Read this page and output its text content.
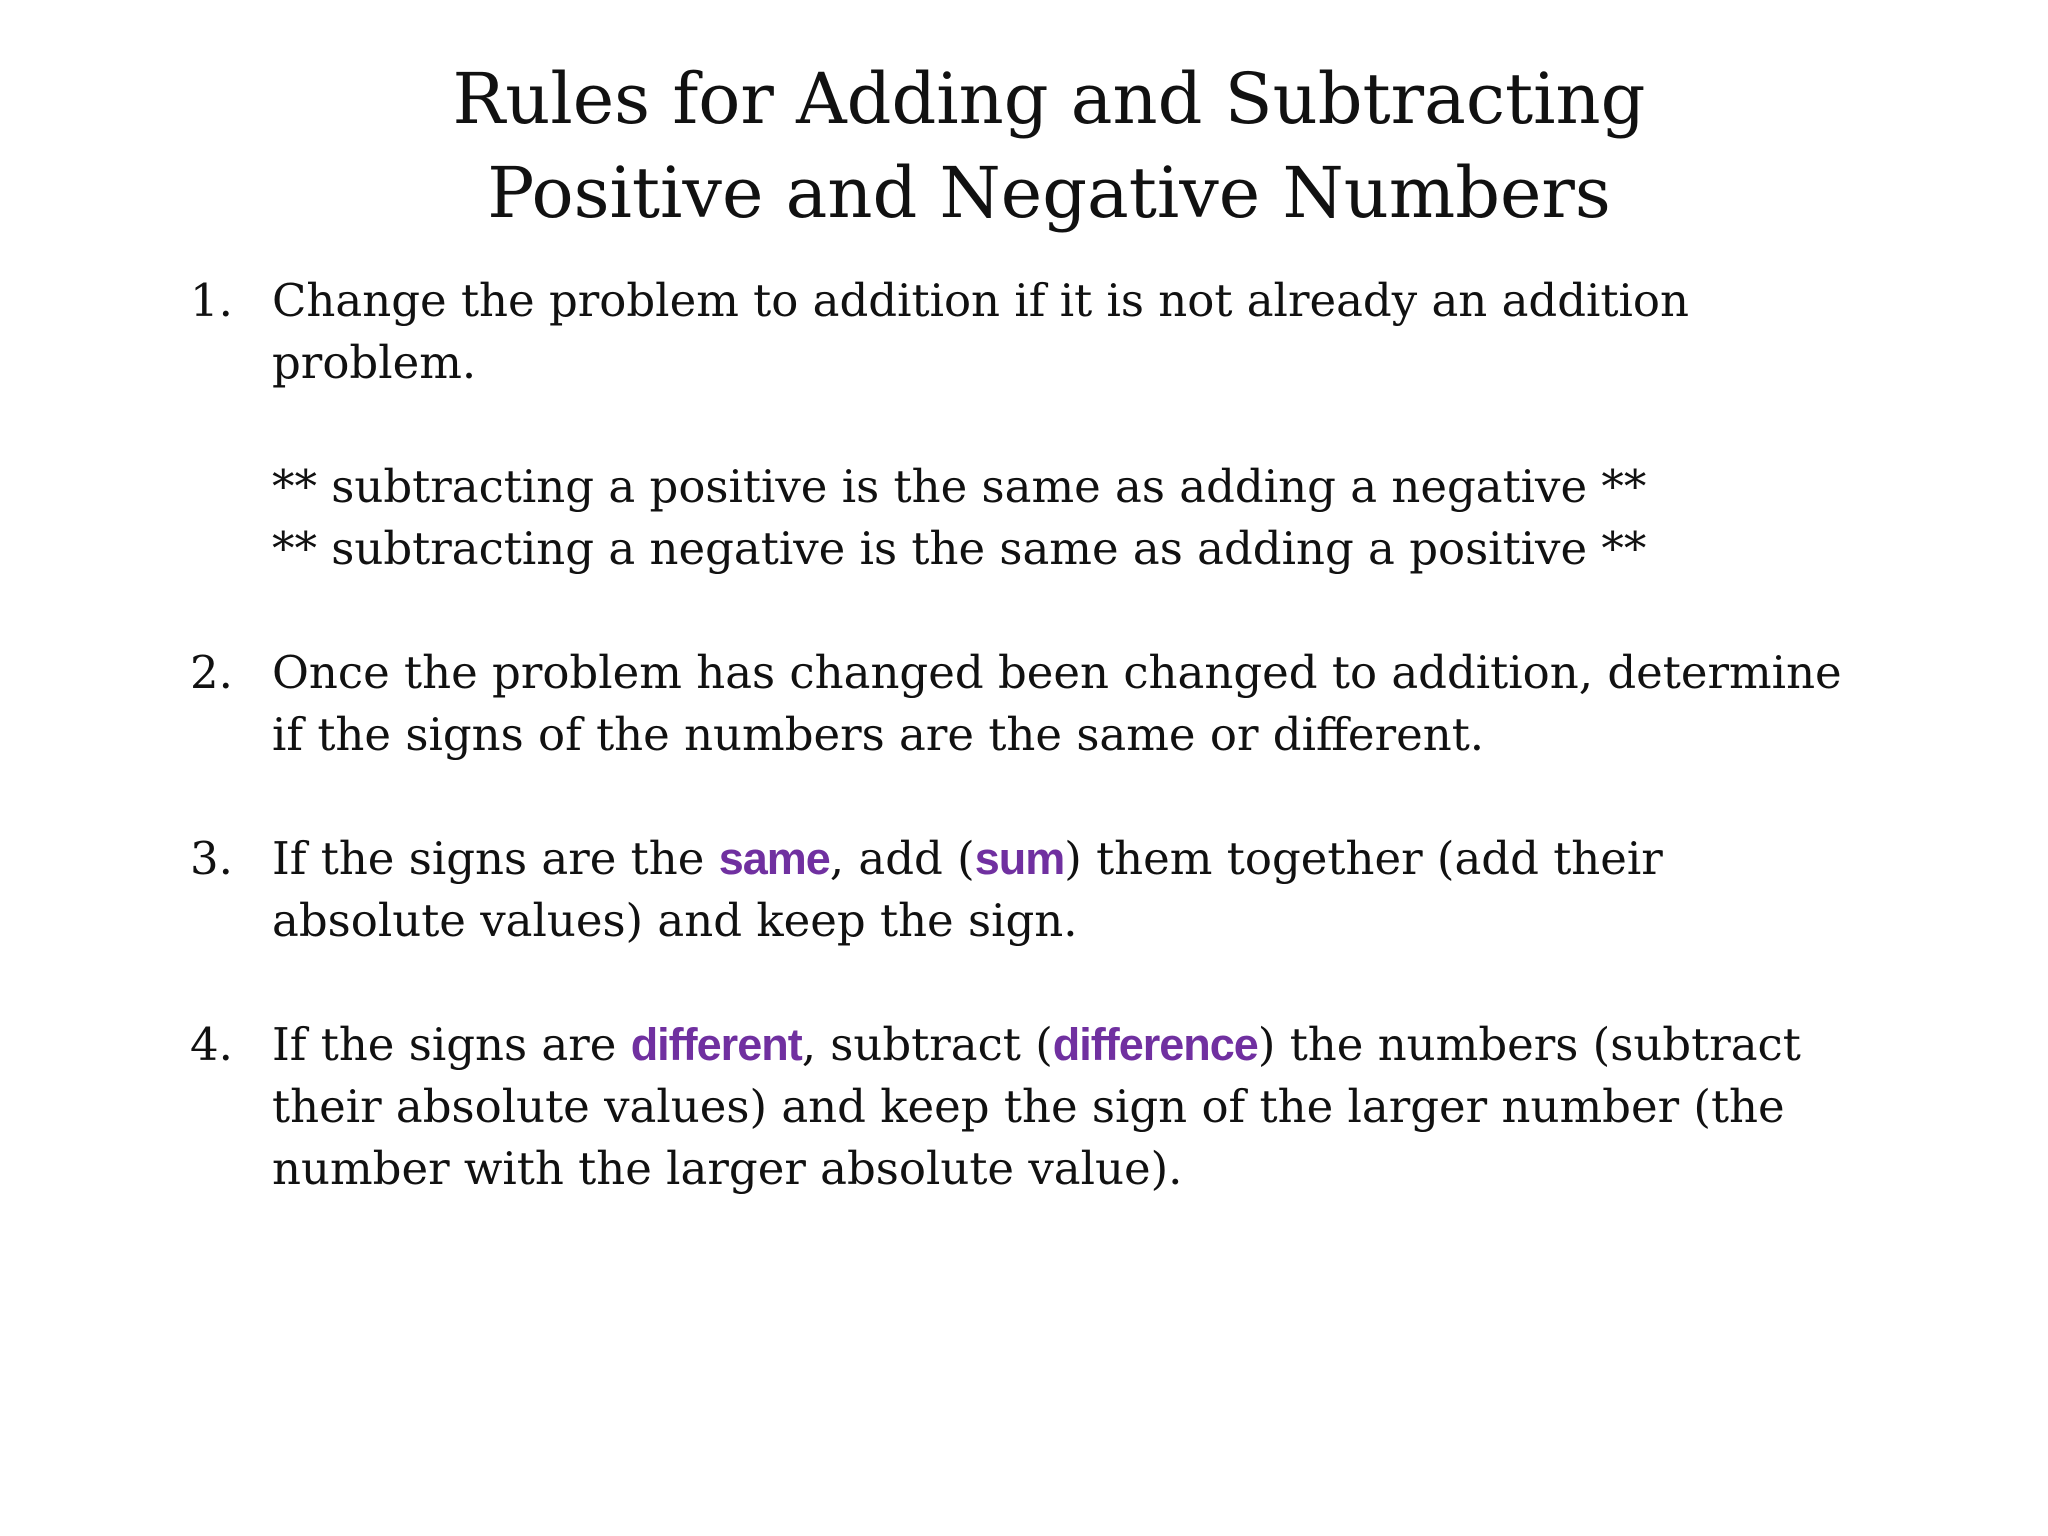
Rules for Adding and Subtracting
Positive and Negative Numbers
1. Change the problem to addition if it is not already an addition problem.
** subtracting a positive is the same as adding a negative **
** subtracting a negative is the same as adding a positive **
2. Once the problem has changed been changed to addition, determine if the signs of the numbers are the same or different.
3. If the signs are the same, add (sum) them together (add their absolute values) and keep the sign.
4. If the signs are different, subtract (difference) the numbers (subtract their absolute values) and keep the sign of the larger number (the number with the larger absolute value).
